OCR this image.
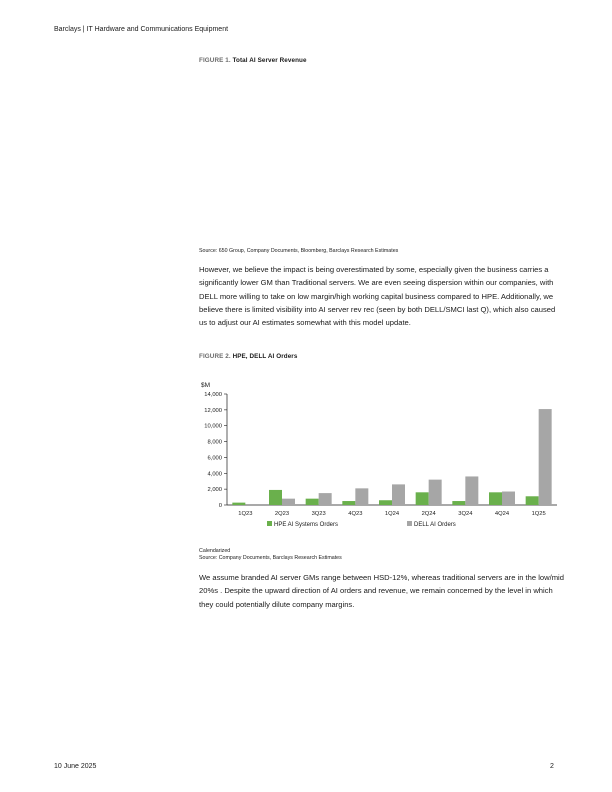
Barclays | IT Hardware and Communications Equipment
FIGURE 1. Total AI Server Revenue
Source: 650 Group, Company Documents, Bloomberg, Barclays Research Estimates
However, we believe the impact is being overestimated by some, especially given the business carries a significantly lower GM than Traditional servers. We are even seeing dispersion within our companies, with DELL more willing to take on low margin/high working capital business compared to HPE. Additionally, we believe there is limited visibility into AI server rev rec (seen by both DELL/SMCI last Q), which also caused us to adjust our AI estimates somewhat with this model update.
FIGURE 2. HPE, DELL AI Orders
$M
0
2,000
4,000
6,000
8,000
10,000
12,000
14,000
1Q23	2Q23	3Q23	4Q23	1Q24	2Q24	3Q24	4Q24	1Q25
HPE AI Systems Orders	DELL AI Orders
Calendarized
Source: Company Documents, Barclays Research Estimates
We assume branded AI server GMs range between HSD-12%, whereas traditional servers are in the low/mid 20%s . Despite the upward direction of AI orders and revenue, we remain concerned by the level in which they could potentially dilute company margins.
10 June 2025	2
